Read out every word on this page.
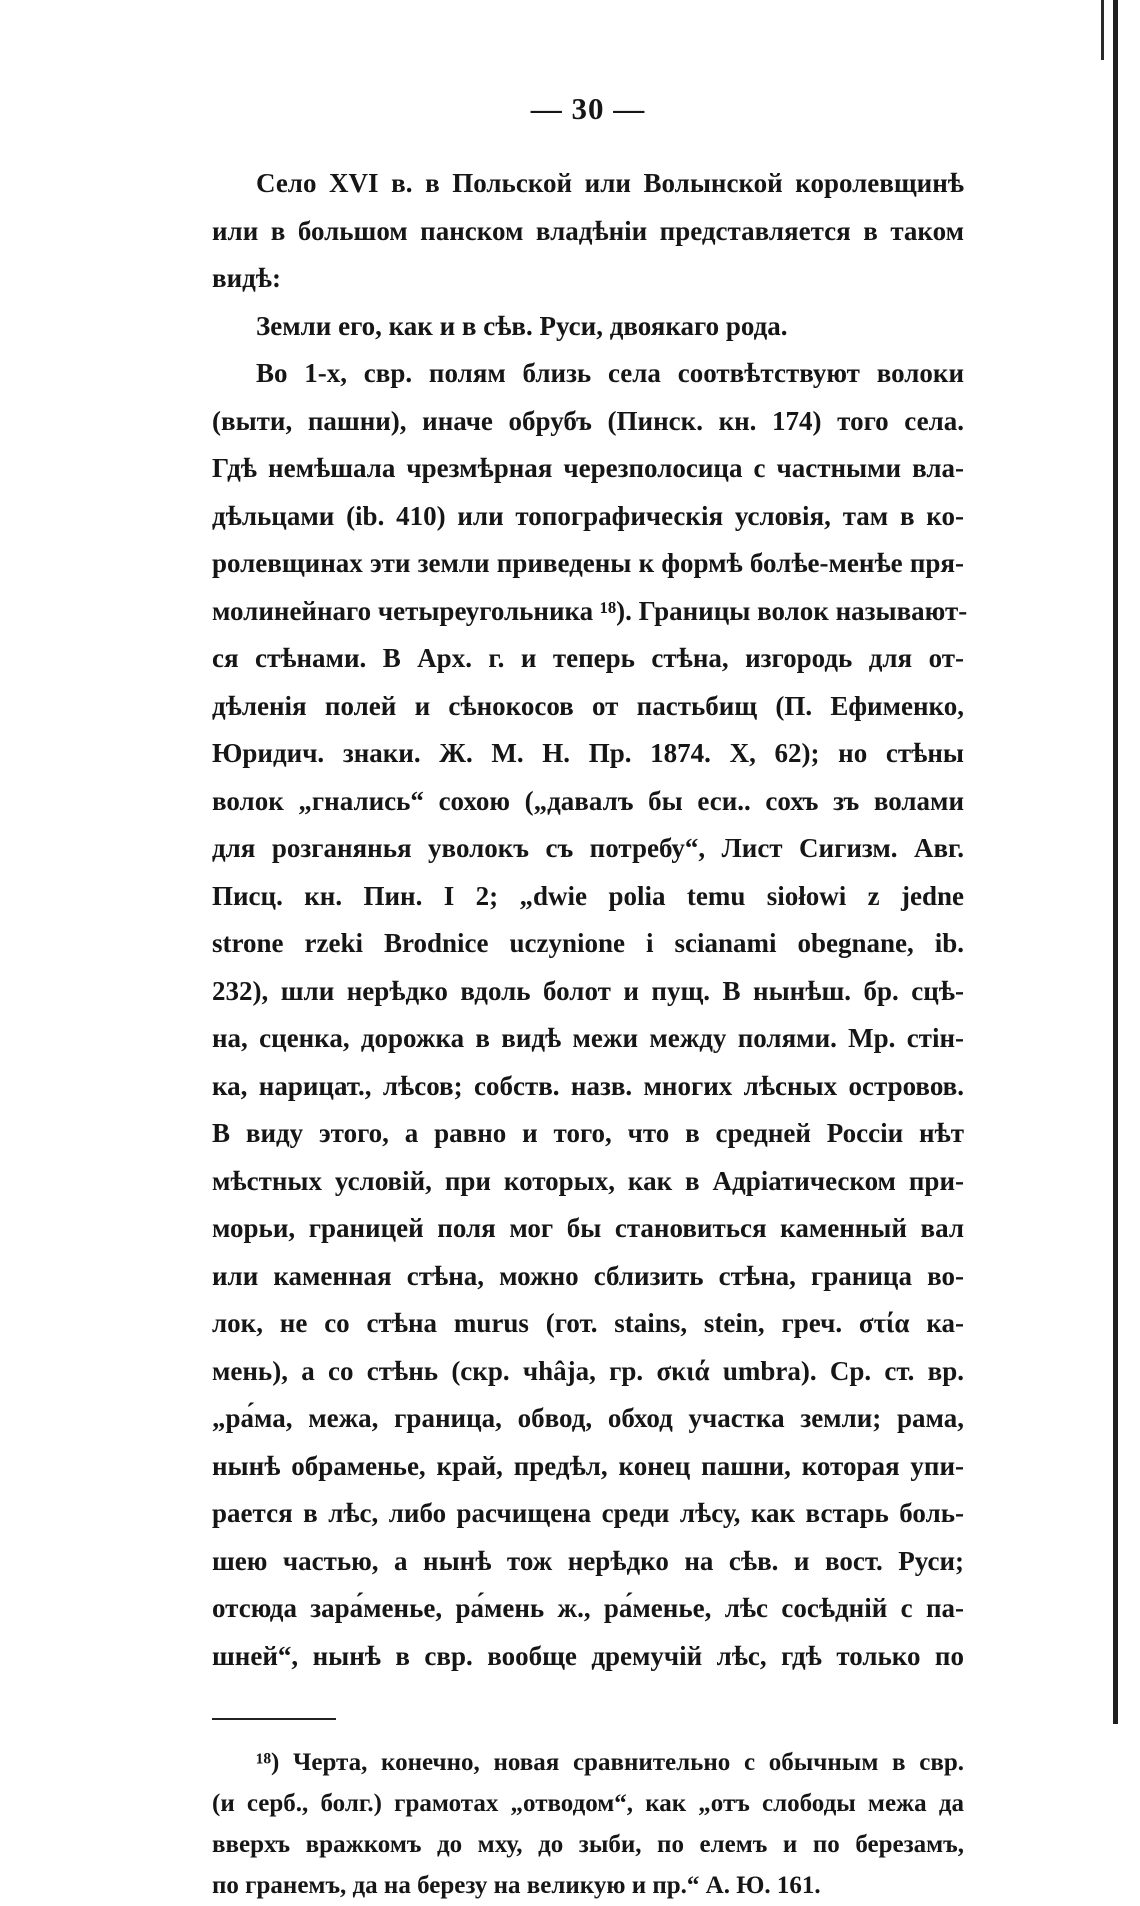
— 30 —
Село XVI в. в Польской или Волынской королевщинѣ
или в большом панском владѣніи представляется в таком
видѣ:
Земли его, как и в сѣв. Руси, двоякаго рода.
Во 1-х, свр. полям близь села соотвѣтствуют волоки
(выти, пашни), иначе обрубъ (Пинск. кн. 174) того села.
Гдѣ немѣшала чрезмѣрная черезполосица с частными вла-
дѣльцами (ib. 410) или топографическія условія, там в ко-
ролевщинах эти земли приведены к формѣ болѣе-менѣе пря-
молинейнаго четыреугольника ¹⁸). Границы волок называют-
ся стѣнами. В Арх. г. и теперь стѣна, изгородь для от-
дѣленія полей и сѣнокосов от пастьбищ (П. Ефименко,
Юридич. знаки. Ж. М. Н. Пр. 1874. X, 62); но стѣны
волок „гнались“ сохою („давалъ бы еси.. сохъ зъ волами
для розганянья уволокъ съ потребу“, Лист Сигизм. Авг.
Писц. кн. Пин. I 2; „dwie polia temu siołowi z jedne
strone rzeki Brodnice uczynione i scianami obegnane, ib.
232), шли нерѣдко вдоль болот и пущ. В нынѣш. бр. сцѣ-
на, сценка, дорожка в видѣ межи между полями. Мр. стін-
ка, нарицат., лѣсов; собств. назв. многих лѣсных островов.
В виду этого, а равно и того, что в средней Россіи нѣт
мѣстных условій, при которых, как в Адріатическом при-
морьи, границей поля мог бы становиться каменный вал
или каменная стѣна, можно сблизить стѣна, граница во-
лок, не со стѣна murus (гот. stains, stein, греч. στία ка-
мень), а со стѣнь (скр. чhâja, гр. σκιά umbra). Ср. ст. вр.
„ра́ма, межа, граница, обвод, обход участка земли; рама,
нынѣ обраменье, край, предѣл, конец пашни, которая упи-
рается в лѣс, либо расчищена среди лѣсу, как встарь боль-
шею частью, а нынѣ тож нерѣдко на сѣв. и вост. Руси;
отсюда зара́менье, ра́мень ж., ра́менье, лѣс сосѣдній с па-
шней“, нынѣ в свр. вообще дремучій лѣс, гдѣ только по
¹⁸) Черта, конечно, новая сравнительно с обычным в свр.
(и серб., болг.) грамотах „отводом“, как „отъ слободы межа да
вверхъ вражкомъ до мху, до зыби, по елемъ и по березамъ,
по гранемъ, да на березу на великую и пр.“ А. Ю. 161.
